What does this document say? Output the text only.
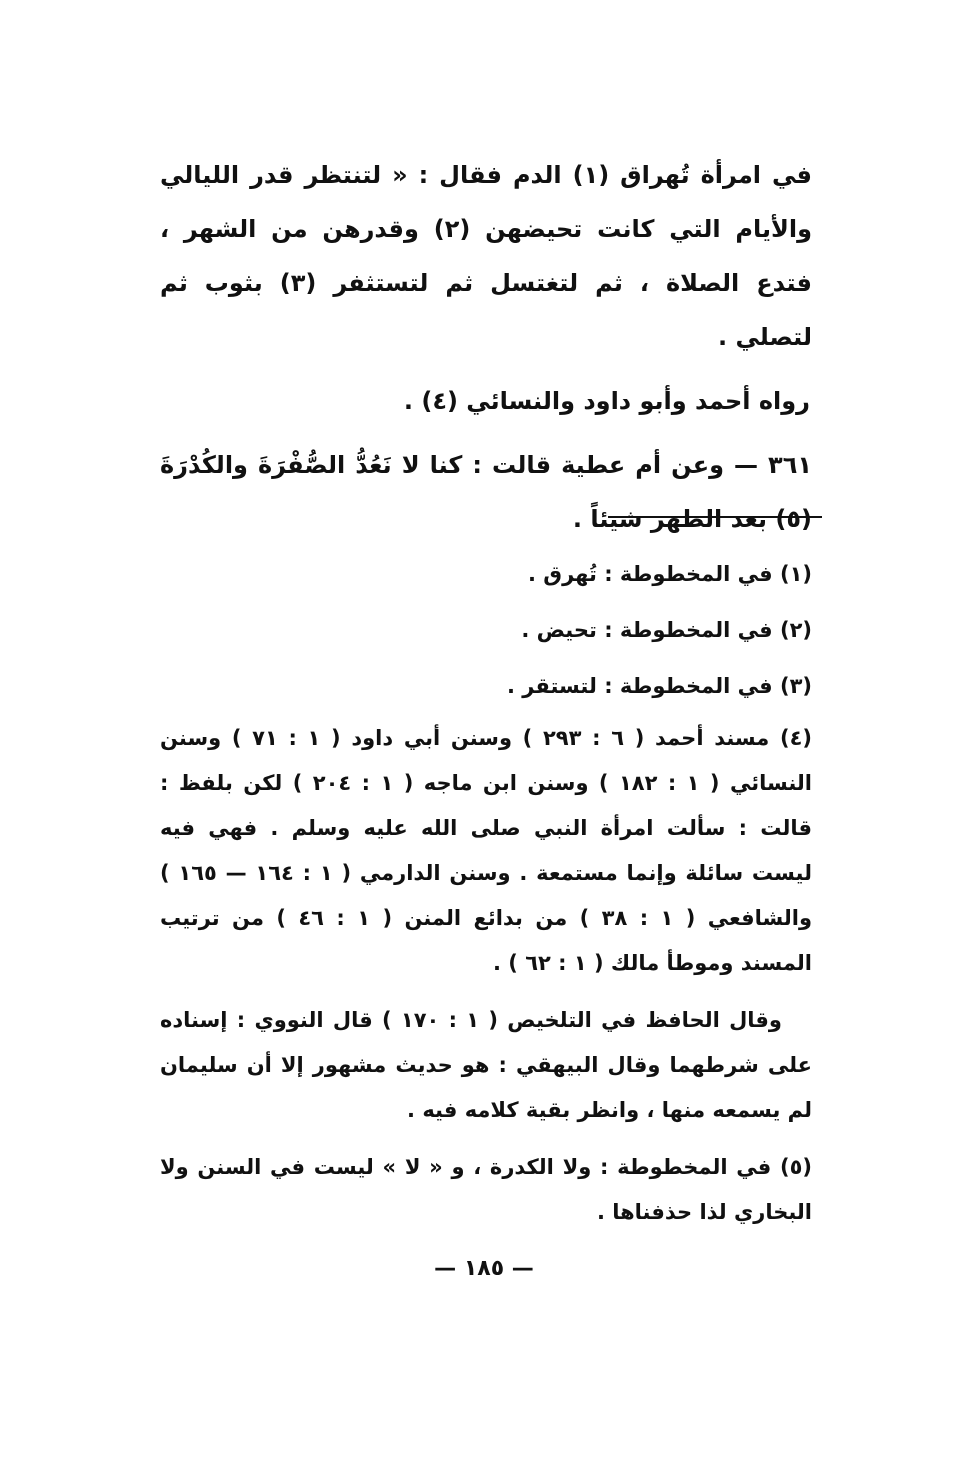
في امرأة تُهراق (١) الدم فقال : « لتنتظر قدر الليالي والأيام التي كانت تحيضهن (٢) وقدرهن من الشهر ، فتدع الصلاة ، ثم لتغتسل ثم لتستثفر (٣) بثوب ثم لتصلي .

رواه أحمد وأبو داود والنسائي (٤) .

٣٦١ — وعن أم عطية قالت : كنا لا نَعُدُّ الصُّفْرَةَ والكُدْرَةَ (٥) بعد الطهر شيئاً .

(١) في المخطوطة : تُهرق .

(٢) في المخطوطة : تحيض .

(٣) في المخطوطة : لتستقر .

(٤) مسند أحمد ( ٦ : ٢٩٣ ) وسنن أبي داود ( ١ : ٧١ ) وسنن النسائي ( ١ : ١٨٢ ) وسنن ابن ماجه ( ١ : ٢٠٤ ) لكن بلفظ : قالت : سألت امرأة النبي صلى الله عليه وسلم . فهي فيه ليست سائلة وإنما مستمعة . وسنن الدارمي ( ١ : ١٦٤ — ١٦٥ ) والشافعي ( ١ : ٣٨ ) من بدائع المنن ( ١ : ٤٦ ) من ترتيب المسند وموطأ مالك ( ١ : ٦٢ ) .

وقال الحافظ في التلخيص ( ١ : ١٧٠ ) قال النووي : إسناده على شرطهما وقال البيهقي : هو حديث مشهور إلا أن سليمان لم يسمعه منها ، وانظر بقية كلامه فيه .

(٥) في المخطوطة : ولا الكدرة ، و « لا » ليست في السنن ولا البخاري لذا حذفناها .

— ١٨٥ —
